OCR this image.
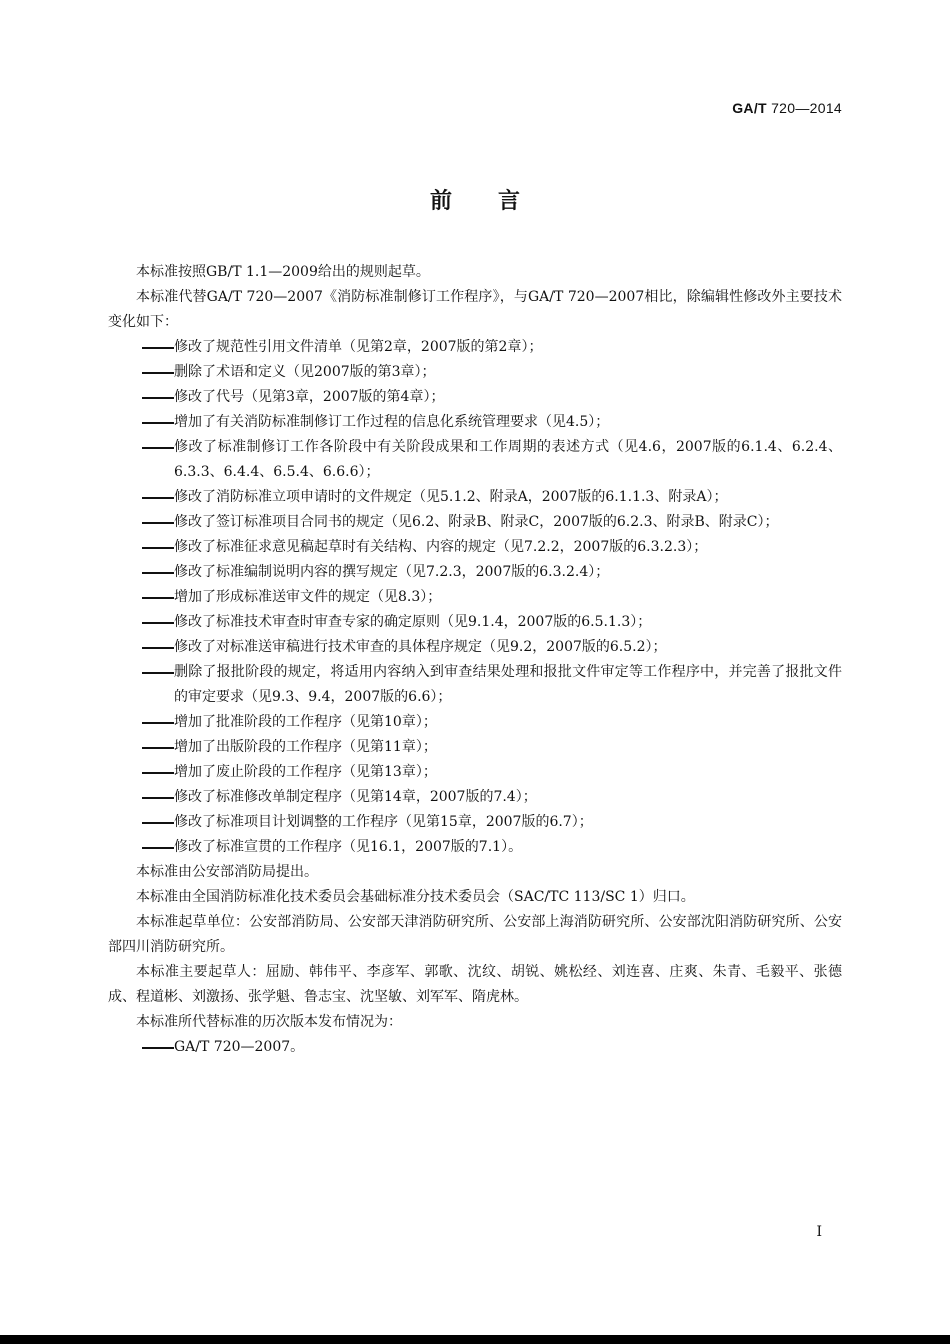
GA/T 720—2014
前言

本标准按照GB/T 1.1—2009给出的规则起草。

本标准代替GA/T 720—2007《消防标准制修订工作程序》，与GA/T 720—2007相比，除编辑性修改外主要技术变化如下：

修改了规范性引用文件清单（见第2章，2007版的第2章）；
删除了术语和定义（见2007版的第3章）；
修改了代号（见第3章，2007版的第4章）；
增加了有关消防标准制修订工作过程的信息化系统管理要求（见4.5）；
修改了标准制修订工作各阶段中有关阶段成果和工作周期的表述方式（见4.6，2007版的6.1.4、6.2.4、6.3.3、6.4.4、6.5.4、6.6.6）；
修改了消防标准立项申请时的文件规定（见5.1.2、附录A，2007版的6.1.1.3、附录A）；
修改了签订标准项目合同书的规定（见6.2、附录B、附录C，2007版的6.2.3、附录B、附录C）；
修改了标准征求意见稿起草时有关结构、内容的规定（见7.2.2，2007版的6.3.2.3）；
修改了标准编制说明内容的撰写规定（见7.2.3，2007版的6.3.2.4）；
增加了形成标准送审文件的规定（见8.3）；
修改了标准技术审查时审查专家的确定原则（见9.1.4，2007版的6.5.1.3）；
修改了对标准送审稿进行技术审查的具体程序规定（见9.2，2007版的6.5.2）；
删除了报批阶段的规定，将适用内容纳入到审查结果处理和报批文件审定等工作程序中，并完善了报批文件的审定要求（见9.3、9.4，2007版的6.6）；
增加了批准阶段的工作程序（见第10章）；
增加了出版阶段的工作程序（见第11章）；
增加了废止阶段的工作程序（见第13章）；
修改了标准修改单制定程序（见第14章，2007版的7.4）；
修改了标准项目计划调整的工作程序（见第15章，2007版的6.7）；
修改了标准宣贯的工作程序（见16.1，2007版的7.1）。

本标准由公安部消防局提出。

本标准由全国消防标准化技术委员会基础标准分技术委员会（SAC/TC 113/SC 1）归口。

本标准起草单位：公安部消防局、公安部天津消防研究所、公安部上海消防研究所、公安部沈阳消防研究所、公安部四川消防研究所。

本标准主要起草人：屈励、韩伟平、李彦军、郭歌、沈纹、胡锐、姚松经、刘连喜、庄爽、朱青、毛毅平、张德成、程道彬、刘激扬、张学魁、鲁志宝、沈坚敏、刘军军、隋虎林。

本标准所代替标准的历次版本发布情况为：

GA/T 720—2007。
I
